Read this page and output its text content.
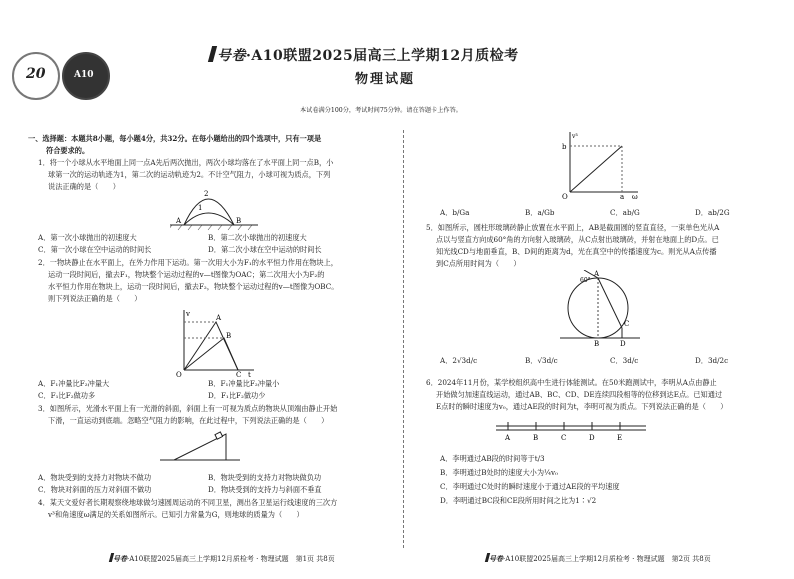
20	A10
号卷·A10联盟2025届高三上学期12月质检考
物理试题
本试卷满分100分，考试时间75分钟。请在答题卡上作答。

一、选择题：本题共8小题，每小题4分，共32分。在每小题给出的四个选项中，只有一项是

符合要求的。

1．将一个小球从水平地面上同一点A先后两次抛出，两次小球均落在了水平面上同一点B，小

球第一次的运动轨迹为1，第二次的运动轨迹为2。不计空气阻力，小球可视为质点，下列

说法正确的是（　　）

A	B
1
2
A．第一次小球抛出的初速度大	B．第二次小球抛出的初速度大
C．第一次小球在空中运动的时间长	D．第二次小球在空中运动的时间长

2．一物块静止在水平面上，在外力作用下运动。第一次用大小为F₁的水平恒力作用在物块上，

运动一段时间后，撤去F₁，物块整个运动过程的v—t图像为OAC；第二次用大小为F₂的

水平恒力作用在物块上，运动一段时间后，撤去F₂，物块整个运动过程的v—t图像为OBC。

则下列说法正确的是（　　）

v	A
B
O	C t
A．F₁冲量比F₂冲量大	B．F₁冲量比F₂冲量小
C．F₁比F₂做功多	D．F₁比F₂做功少

3．如图所示，光滑水平面上有一光滑的斜面，斜面上有一可视为质点的物块从顶端由静止开始

下滑，一直运动到底端。忽略空气阻力的影响，在此过程中，下列说法正确的是（　　）

A．物块受到的支持力对物块不做功	B．物块受到的支持力对物块做负功
C．物块对斜面的压力对斜面不做功	D．物块受到的支持力与斜面不垂直

4．某天文爱好者长期观察绕地球做匀速圆周运动的不同卫星，测出各卫星运行线速度的三次方

v³和角速度ω满足的关系如图所示。已知引力常量为G，则地球的质量为（　　）

v³
b
O	a ω
A．b/Ga	B．a/Gb	C．ab/G	D．ab/2G

5．如图所示，圆柱形玻璃砖静止放置在水平面上，AB是截面圆的竖直直径，一束单色光从A

点以与竖直方向成60°角的方向射入玻璃砖，从C点射出玻璃砖，并射在地面上的D点。已

知光线CD与地面垂直，B、D间的距离为d，光在真空中的传播速度为c。则光从A点传播

到C点所用时间为（　　）

A
B
C
D
60°
A．2√3d/c	B．√3d/c	C．3d/c	D．3d/2c

6．2024年11月份，某学校组织高中生进行体能测试。在50米跑测试中，李明从A点由静止

开始做匀加速直线运动，通过AB、BC、CD、DE连续四段相等的位移到达E点。已知通过

E点时的瞬时速度为v₀，通过AE段的时间为t，李明可视为质点。下列说法正确的是（　　）

A	B	C	D	E

A．李明通过AB段的时间等于t/3

B．李明通过B处时的速度大小为¼v₀

C．李明通过C处时的瞬时速度小于通过AE段的平均速度

D．李明通过BC段和CE段所用时间之比为1∶√2

号卷·A10联盟2025届高三上学期12月质检考 · 物理试题　第1页 共8页	号卷·A10联盟2025届高三上学期12月质检考 · 物理试题　第2页 共8页
